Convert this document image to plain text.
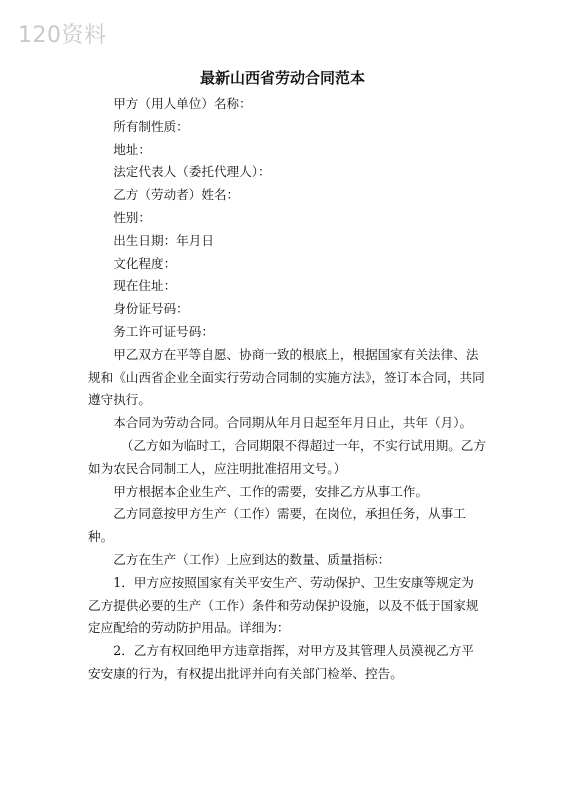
120资料
最新山西省劳动合同范本

甲方（用人单位）名称：

所有制性质：

地址：

法定代表人（委托代理人）：

乙方（劳动者）姓名：

性别：

出生日期：年月日

文化程度：

现在住址：

身份证号码：

务工许可证号码：

甲乙双方在平等自愿、协商一致的根底上，根据国家有关法律、法规和《山西省企业全面实行劳动合同制的实施方法》，签订本合同，共同遵守执行。

本合同为劳动合同。合同期从年月日起至年月日止，共年（月）。

（乙方如为临时工，合同期限不得超过一年，不实行试用期。乙方如为农民合同制工人，应注明批准招用文号。）

甲方根据本企业生产、工作的需要，安排乙方从事工作。

乙方同意按甲方生产（工作）需要，在岗位，承担任务，从事工种。

乙方在生产（工作）上应到达的数量、质量指标：

1．甲方应按照国家有关平安生产、劳动保护、卫生安康等规定为乙方提供必要的生产（工作）条件和劳动保护设施，以及不低于国家规定应配给的劳动防护用品。详细为：

2．乙方有权回绝甲方违章指挥，对甲方及其管理人员漠视乙方平安安康的行为，有权提出批评并向有关部门检举、控告。
